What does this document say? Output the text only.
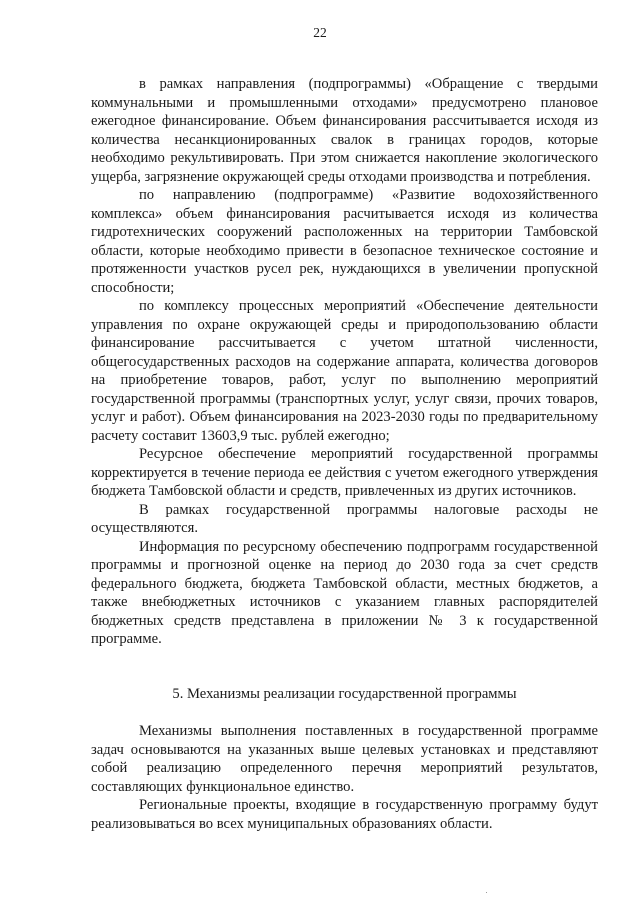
22

в рамках направления (подпрограммы) «Обращение с твердыми коммунальными и промышленными отходами» предусмотрено плановое ежегодное финансирование. Объем финансирования рассчитывается исходя из количества несанкционированных свалок в границах городов, которые необходимо рекультивировать. При этом снижается накопление экологического ущерба, загрязнение окружающей среды отходами производства и потребления.

по направлению (подпрограмме) «Развитие водохозяйственного комплекса» объем финансирования расчитывается исходя из количества гидротехнических сооружений расположенных на территории Тамбовской области, которые необходимо привести в безопасное техническое состояние и протяженности участков русел рек, нуждающихся в увеличении пропускной способности;

по комплексу процессных мероприятий «Обеспечение деятельности управления по охране окружающей среды и природопользованию области финансирование рассчитывается с учетом штатной численности, общегосударственных расходов на содержание аппарата, количества договоров на приобретение товаров, работ, услуг по выполнению мероприятий государственной программы (транспортных услуг, услуг связи, прочих товаров, услуг и работ). Объем финансирования на 2023-2030 годы по предварительному расчету составит 13603,9 тыс. рублей ежегодно;

Ресурсное обеспечение мероприятий государственной программы корректируется в течение периода ее действия с учетом ежегодного утверждения бюджета Тамбовской области и средств, привлеченных из других источников.

В рамках государственной программы налоговые расходы не осуществляются.

Информация по ресурсному обеспечению подпрограмм государственной программы и прогнозной оценке на период до 2030 года за счет средств федерального бюджета, бюджета Тамбовской области, местных бюджетов, а также внебюджетных источников с указанием главных распорядителей бюджетных средств представлена в приложении № 3 к государственной программе.

5. Механизмы реализации государственной программы

Механизмы выполнения поставленных в государственной программе задач основываются на указанных выше целевых установках и представляют собой реализацию определенного перечня мероприятий результатов, составляющих функциональное единство.

Региональные проекты, входящие в государственную программу будут реализовываться во всех муниципальных образованиях области.
